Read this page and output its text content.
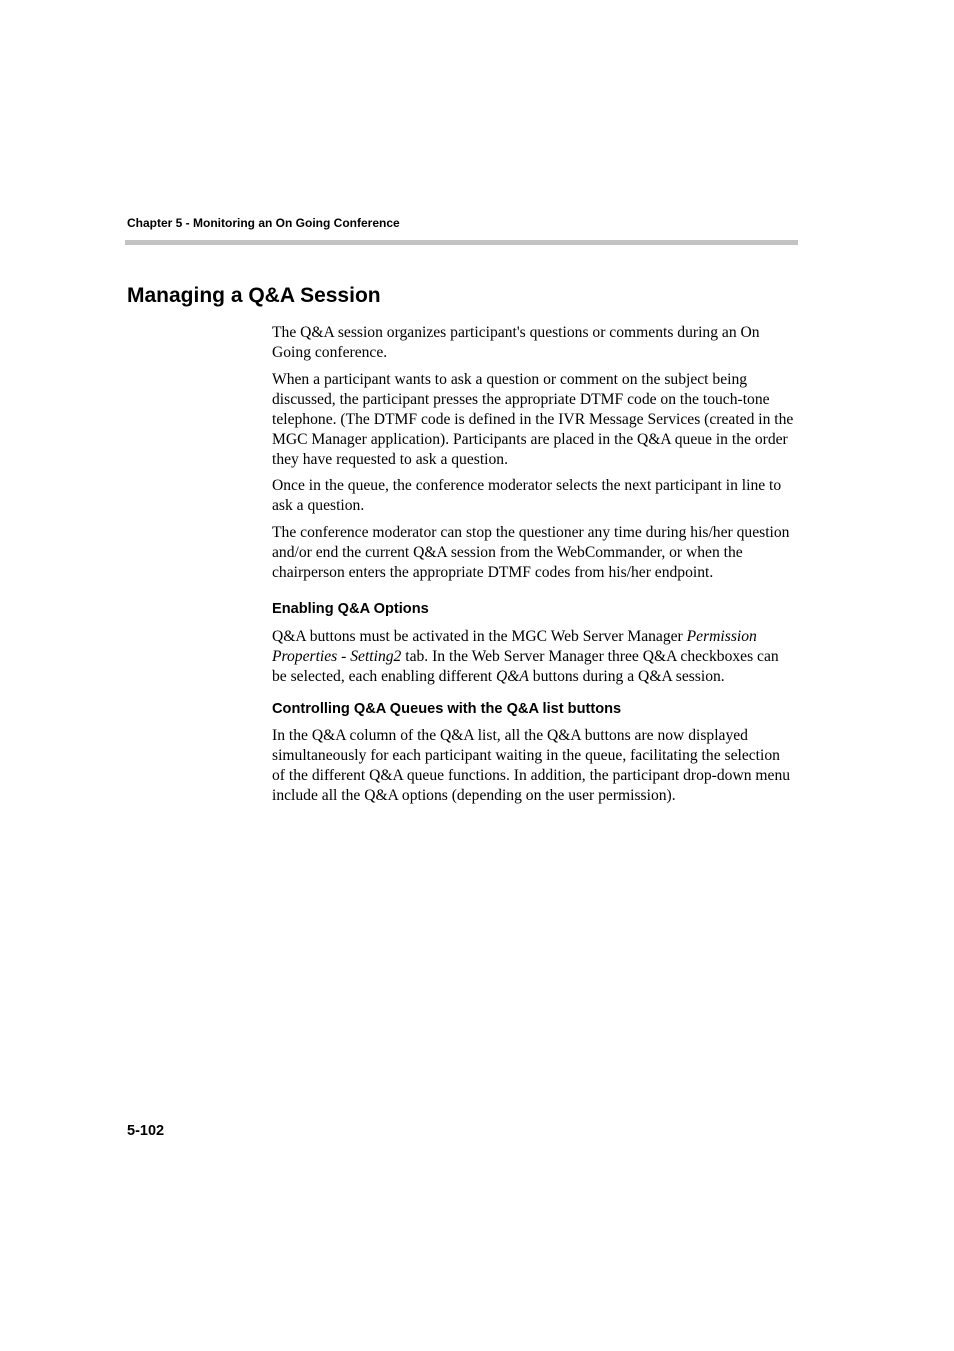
Chapter 5 - Monitoring an On Going Conference
Managing a Q&A Session

The Q&A session organizes participant's questions or comments during an On Going conference.

When a participant wants to ask a question or comment on the subject being discussed, the participant presses the appropriate DTMF code on the touch-tone telephone. (The DTMF code is defined in the IVR Message Services (created in the MGC Manager application). Participants are placed in the Q&A queue in the order they have requested to ask a question.

Once in the queue, the conference moderator selects the next participant in line to ask a question.

The conference moderator can stop the questioner any time during his/her question and/or end the current Q&A session from the WebCommander, or when the chairperson enters the appropriate DTMF codes from his/her endpoint.

Enabling Q&A Options

Q&A buttons must be activated in the MGC Web Server Manager Permission Properties - Setting2 tab. In the Web Server Manager three Q&A checkboxes can be selected, each enabling different Q&A buttons during a Q&A session.

Controlling Q&A Queues with the Q&A list buttons

In the Q&A column of the Q&A list, all the Q&A buttons are now displayed simultaneously for each participant waiting in the queue, facilitating the selection of the different Q&A queue functions. In addition, the participant drop-down menu include all the Q&A options (depending on the user permission).

5-102
